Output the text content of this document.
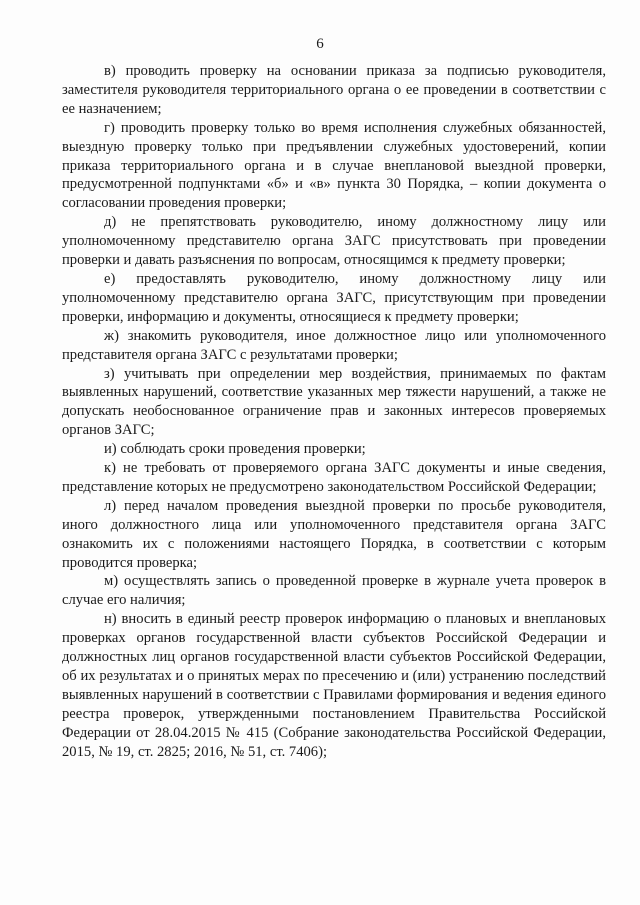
6

в) проводить проверку на основании приказа за подписью руководителя, заместителя руководителя территориального органа о ее проведении в соответствии с ее назначением;

г) проводить проверку только во время исполнения служебных обязанностей, выездную проверку только при предъявлении служебных удостоверений, копии приказа территориального органа и в случае внеплановой выездной проверки, предусмотренной подпунктами «б» и «в» пункта 30 Порядка, – копии документа о согласовании проведения проверки;

д) не препятствовать руководителю, иному должностному лицу или уполномоченному представителю органа ЗАГС присутствовать при проведении проверки и давать разъяснения по вопросам, относящимся к предмету проверки;

е) предоставлять руководителю, иному должностному лицу или уполномоченному представителю органа ЗАГС, присутствующим при проведении проверки, информацию и документы, относящиеся к предмету проверки;

ж) знакомить руководителя, иное должностное лицо или уполномоченного представителя органа ЗАГС с результатами проверки;

з) учитывать при определении мер воздействия, принимаемых по фактам выявленных нарушений, соответствие указанных мер тяжести нарушений, а также не допускать необоснованное ограничение прав и законных интересов проверяемых органов ЗАГС;

и) соблюдать сроки проведения проверки;

к) не требовать от проверяемого органа ЗАГС документы и иные сведения, представление которых не предусмотрено законодательством Российской Федерации;

л) перед началом проведения выездной проверки по просьбе руководителя, иного должностного лица или уполномоченного представителя органа ЗАГС ознакомить их с положениями настоящего Порядка, в соответствии с которым проводится проверка;

м) осуществлять запись о проведенной проверке в журнале учета проверок в случае его наличия;

н) вносить в единый реестр проверок информацию о плановых и внеплановых проверках органов государственной власти субъектов Российской Федерации и должностных лиц органов государственной власти субъектов Российской Федерации, об их результатах и о принятых мерах по пресечению и (или) устранению последствий выявленных нарушений в соответствии с Правилами формирования и ведения единого реестра проверок, утвержденными постановлением Правительства Российской Федерации от 28.04.2015 № 415 (Собрание законодательства Российской Федерации, 2015, № 19, ст. 2825; 2016, № 51, ст. 7406);
